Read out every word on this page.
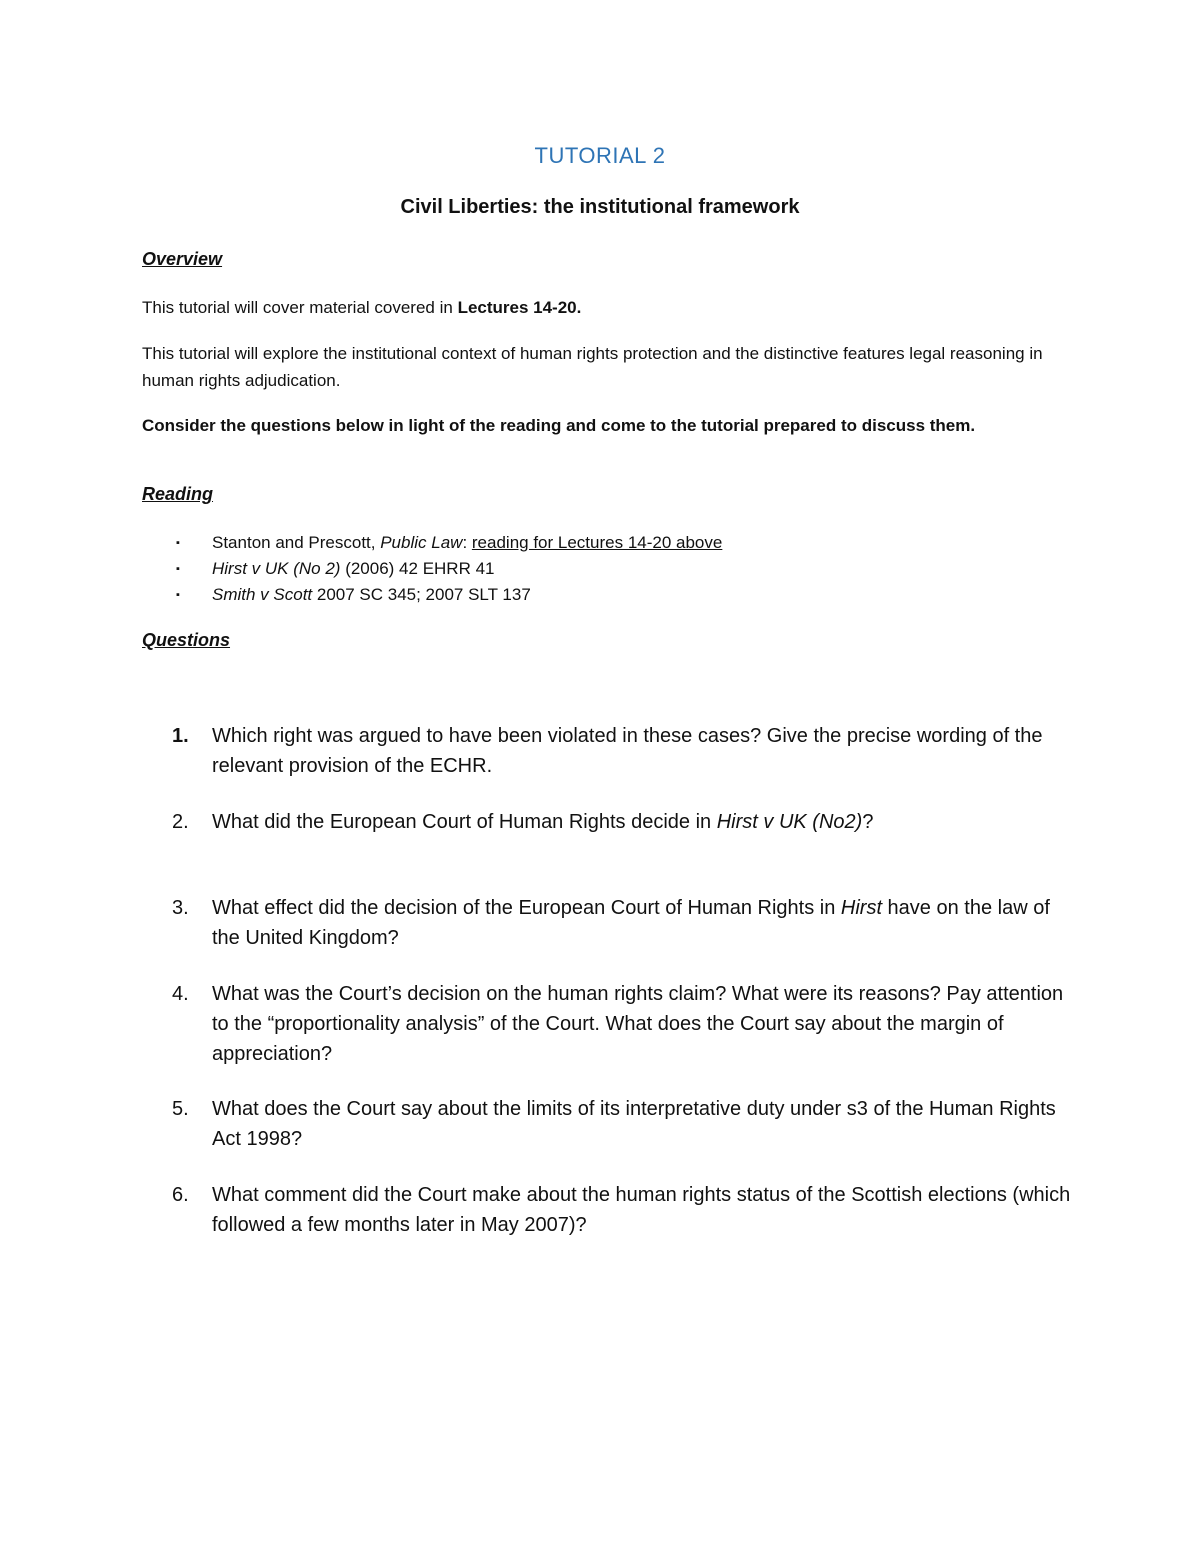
TUTORIAL 2
Civil Liberties: the institutional framework
Overview
This tutorial will cover material covered in Lectures 14-20.
This tutorial will explore the institutional context of human rights protection and the distinctive features legal reasoning in human rights adjudication.
Consider the questions below in light of the reading and come to the tutorial prepared to discuss them.
Reading
▪ Stanton and Prescott, Public Law: reading for Lectures 14-20 above
▪ Hirst v UK (No 2) (2006) 42 EHRR 41
▪ Smith v Scott 2007 SC 345; 2007 SLT 137
Questions
1. Which right was argued to have been violated in these cases? Give the precise wording of the relevant provision of the ECHR.
2. What did the European Court of Human Rights decide in Hirst v UK (No2)?
3. What effect did the decision of the European Court of Human Rights in Hirst have on the law of the United Kingdom?
4. What was the Court’s decision on the human rights claim? What were its reasons? Pay attention to the “proportionality analysis” of the Court. What does the Court say about the margin of appreciation?
5. What does the Court say about the limits of its interpretative duty under s3 of the Human Rights Act 1998?
6. What comment did the Court make about the human rights status of the Scottish elections (which followed a few months later in May 2007)?
